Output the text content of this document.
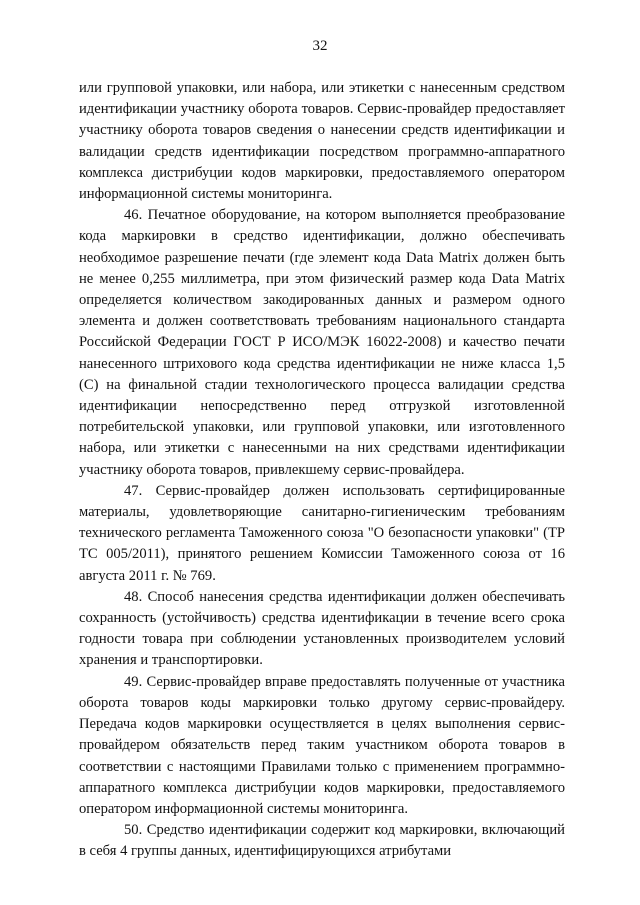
32

или групповой упаковки, или набора, или этикетки с нанесенным средством идентификации участнику оборота товаров. Сервис-провайдер предоставляет участнику оборота товаров сведения о нанесении средств идентификации и валидации средств идентификации посредством программно-аппаратного комплекса дистрибуции кодов маркировки, предоставляемого оператором информационной системы мониторинга.

46. Печатное оборудование, на котором выполняется преобразование кода маркировки в средство идентификации, должно обеспечивать необходимое разрешение печати (где элемент кода Data Matrix должен быть не менее 0,255 миллиметра, при этом физический размер кода Data Matrix определяется количеством закодированных данных и размером одного элемента и должен соответствовать требованиям национального стандарта Российской Федерации ГОСТ Р ИСО/МЭК 16022-2008) и качество печати нанесенного штрихового кода средства идентификации не ниже класса 1,5 (С) на финальной стадии технологического процесса валидации средства идентификации непосредственно перед отгрузкой изготовленной потребительской упаковки, или групповой упаковки, или изготовленного набора, или этикетки с нанесенными на них средствами идентификации участнику оборота товаров, привлекшему сервис-провайдера.

47. Сервис-провайдер должен использовать сертифицированные материалы, удовлетворяющие санитарно-гигиеническим требованиям технического регламента Таможенного союза "О безопасности упаковки" (ТР ТС 005/2011), принятого решением Комиссии Таможенного союза от 16 августа 2011 г. № 769.

48. Способ нанесения средства идентификации должен обеспечивать сохранность (устойчивость) средства идентификации в течение всего срока годности товара при соблюдении установленных производителем условий хранения и транспортировки.

49. Сервис-провайдер вправе предоставлять полученные от участника оборота товаров коды маркировки только другому сервис-провайдеру. Передача кодов маркировки осуществляется в целях выполнения сервис-провайдером обязательств перед таким участником оборота товаров в соответствии с настоящими Правилами только с применением программно-аппаратного комплекса дистрибуции кодов маркировки, предоставляемого оператором информационной системы мониторинга.

50. Средство идентификации содержит код маркировки, включающий в себя 4 группы данных, идентифицирующихся атрибутами
